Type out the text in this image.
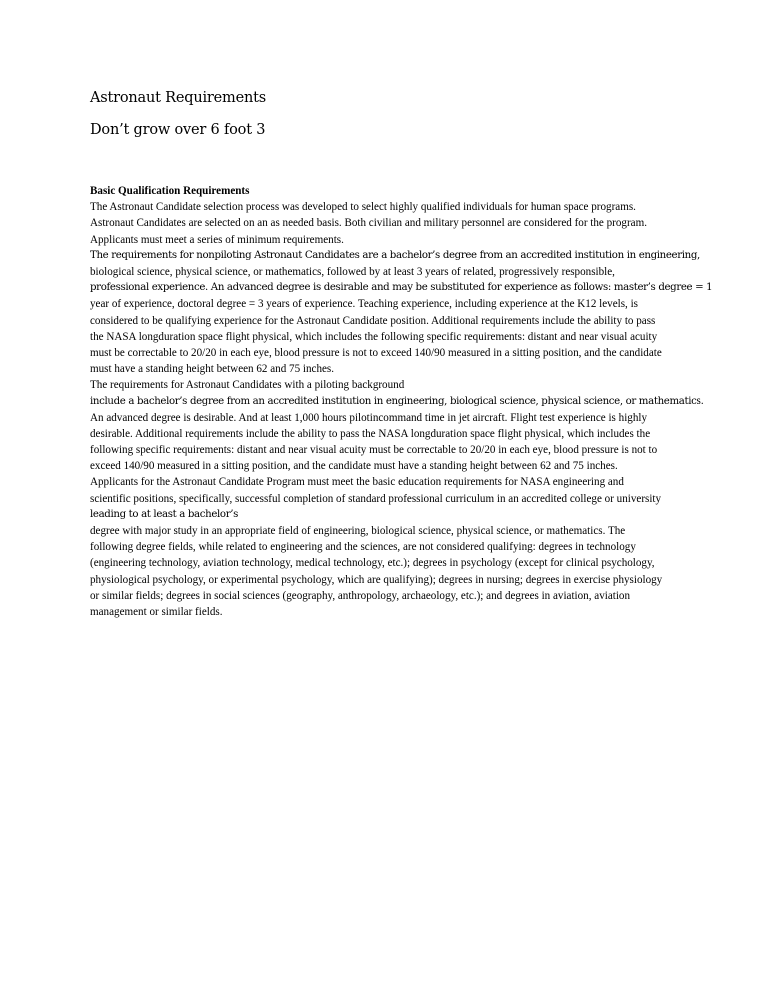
Astronaut Requirements
Don’t grow over 6 foot 3
Basic Qualification Requirements
The Astronaut Candidate selection process was developed to select highly qualified individuals for human space programs.
Astronaut Candidates are selected on an as needed basis. Both civilian and military personnel are considered for the program.
Applicants must meet a series of minimum requirements.
The requirements for nonpiloting Astronaut Candidates are a bachelor’s degree from an accredited institution in engineering,
biological science, physical science, or mathematics, followed by at least 3 years of related, progressively responsible,
professional experience. An advanced degree is desirable and may be substituted for experience as follows: master’s degree = 1
year of experience, doctoral degree = 3 years of experience. Teaching experience, including experience at the K12 levels, is
considered to be qualifying experience for the Astronaut Candidate position. Additional requirements include the ability to pass
the NASA longduration space flight physical, which includes the following specific requirements: distant and near visual acuity
must be correctable to 20/20 in each eye, blood pressure is not to exceed 140/90 measured in a sitting position, and the candidate
must have a standing height between 62 and 75 inches.
The requirements for Astronaut Candidates with a piloting background
include a bachelor’s degree from an accredited institution in engineering, biological science, physical science, or mathematics.
An advanced degree is desirable. And at least 1,000 hours pilotincommand time in jet aircraft. Flight test experience is highly
desirable. Additional requirements include the ability to pass the NASA longduration space flight physical, which includes the
following specific requirements: distant and near visual acuity must be correctable to 20/20 in each eye, blood pressure is not to
exceed 140/90 measured in a sitting position, and the candidate must have a standing height between 62 and 75 inches.
Applicants for the Astronaut Candidate Program must meet the basic education requirements for NASA engineering and
scientific positions, specifically, successful completion of standard professional curriculum in an accredited college or university
leading to at least a bachelor’s
degree with major study in an appropriate field of engineering, biological science, physical science, or mathematics. The
following degree fields, while related to engineering and the sciences, are not considered qualifying: degrees in technology
(engineering technology, aviation technology, medical technology, etc.); degrees in psychology (except for clinical psychology,
physiological psychology, or experimental psychology, which are qualifying); degrees in nursing; degrees in exercise physiology
or similar fields; degrees in social sciences (geography, anthropology, archaeology, etc.); and degrees in aviation, aviation
management or similar fields.
